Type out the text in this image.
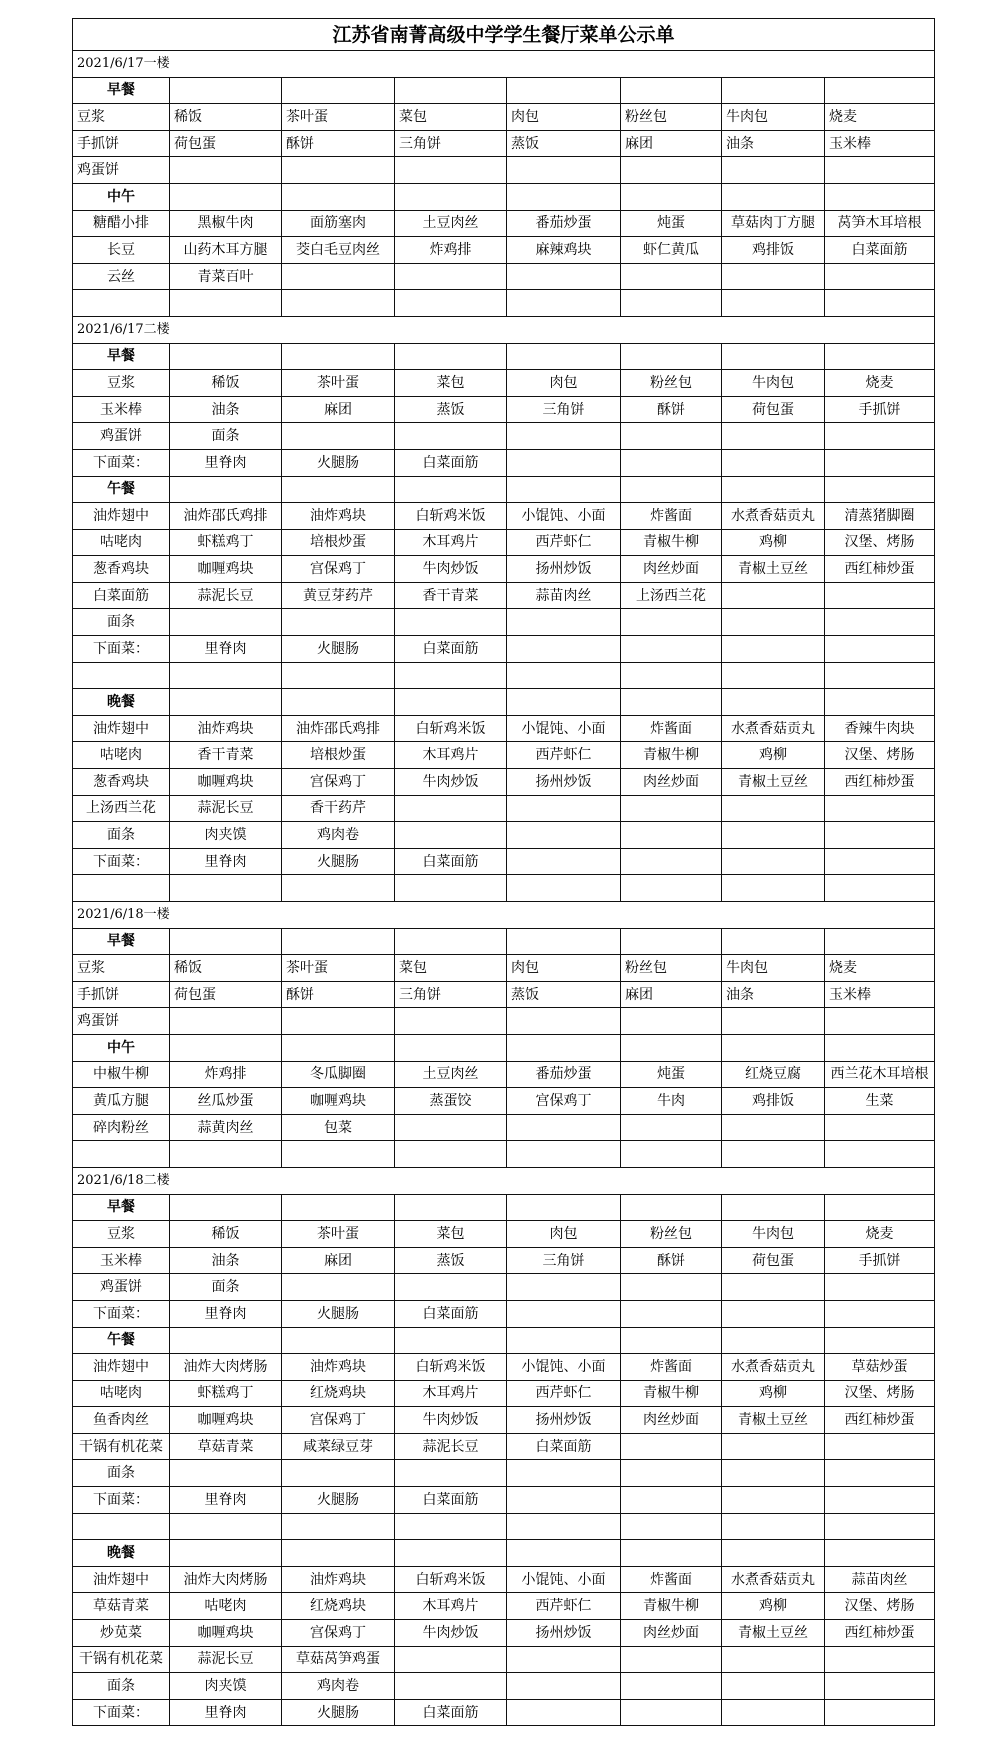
江苏省南菁高级中学学生餐厅菜单公示单							
2021/6/17一楼							
早餐							
豆浆	稀饭	茶叶蛋	菜包	肉包	粉丝包	牛肉包	烧麦
手抓饼	荷包蛋	酥饼	三角饼	蒸饭	麻团	油条	玉米棒
鸡蛋饼							
中午							
糖醋小排	黑椒牛肉	面筋塞肉	土豆肉丝	番茄炒蛋	炖蛋	草菇肉丁方腿	莴笋木耳培根
长豆	山药木耳方腿	茭白毛豆肉丝	炸鸡排	麻辣鸡块	虾仁黄瓜	鸡排饭	白菜面筋
云丝	青菜百叶						

2021/6/17二楼							
早餐							
豆浆	稀饭	茶叶蛋	菜包	肉包	粉丝包	牛肉包	烧麦
玉米棒	油条	麻团	蒸饭	三角饼	酥饼	荷包蛋	手抓饼
鸡蛋饼	面条						
下面菜：	里脊肉	火腿肠	白菜面筋				
午餐							
油炸翅中	油炸邵氏鸡排	油炸鸡块	白斩鸡米饭	小馄饨、小面	炸酱面	水煮香菇贡丸	清蒸猪脚圈
咕咾肉	虾糕鸡丁	培根炒蛋	木耳鸡片	西芹虾仁	青椒牛柳	鸡柳	汉堡、烤肠
葱香鸡块	咖喱鸡块	宫保鸡丁	牛肉炒饭	扬州炒饭	肉丝炒面	青椒土豆丝	西红柿炒蛋
白菜面筋	蒜泥长豆	黄豆芽药芹	香干青菜	蒜苗肉丝	上汤西兰花		
面条							
下面菜：	里脊肉	火腿肠	白菜面筋				

晚餐							
油炸翅中	油炸鸡块	油炸邵氏鸡排	白斩鸡米饭	小馄饨、小面	炸酱面	水煮香菇贡丸	香辣牛肉块
咕咾肉	香干青菜	培根炒蛋	木耳鸡片	西芹虾仁	青椒牛柳	鸡柳	汉堡、烤肠
葱香鸡块	咖喱鸡块	宫保鸡丁	牛肉炒饭	扬州炒饭	肉丝炒面	青椒土豆丝	西红柿炒蛋
上汤西兰花	蒜泥长豆	香干药芹					
面条	肉夹馍	鸡肉卷					
下面菜：	里脊肉	火腿肠	白菜面筋				

2021/6/18一楼							
早餐							
豆浆	稀饭	茶叶蛋	菜包	肉包	粉丝包	牛肉包	烧麦
手抓饼	荷包蛋	酥饼	三角饼	蒸饭	麻团	油条	玉米棒
鸡蛋饼							
中午							
中椒牛柳	炸鸡排	冬瓜脚圈	土豆肉丝	番茄炒蛋	炖蛋	红烧豆腐	西兰花木耳培根
黄瓜方腿	丝瓜炒蛋	咖喱鸡块	蒸蛋饺	宫保鸡丁	牛肉	鸡排饭	生菜
碎肉粉丝	蒜黄肉丝	包菜					

2021/6/18二楼							
早餐							
豆浆	稀饭	茶叶蛋	菜包	肉包	粉丝包	牛肉包	烧麦
玉米棒	油条	麻团	蒸饭	三角饼	酥饼	荷包蛋	手抓饼
鸡蛋饼	面条						
下面菜：	里脊肉	火腿肠	白菜面筋				
午餐							
油炸翅中	油炸大肉烤肠	油炸鸡块	白斩鸡米饭	小馄饨、小面	炸酱面	水煮香菇贡丸	草菇炒蛋
咕咾肉	虾糕鸡丁	红烧鸡块	木耳鸡片	西芹虾仁	青椒牛柳	鸡柳	汉堡、烤肠
鱼香肉丝	咖喱鸡块	宫保鸡丁	牛肉炒饭	扬州炒饭	肉丝炒面	青椒土豆丝	西红柿炒蛋
干锅有机花菜	草菇青菜	咸菜绿豆芽	蒜泥长豆	白菜面筋			
面条							
下面菜：	里脊肉	火腿肠	白菜面筋				

晚餐							
油炸翅中	油炸大肉烤肠	油炸鸡块	白斩鸡米饭	小馄饨、小面	炸酱面	水煮香菇贡丸	蒜苗肉丝
草菇青菜	咕咾肉	红烧鸡块	木耳鸡片	西芹虾仁	青椒牛柳	鸡柳	汉堡、烤肠
炒苋菜	咖喱鸡块	宫保鸡丁	牛肉炒饭	扬州炒饭	肉丝炒面	青椒土豆丝	西红柿炒蛋
干锅有机花菜	蒜泥长豆	草菇莴笋鸡蛋					
面条	肉夹馍	鸡肉卷					
下面菜：	里脊肉	火腿肠	白菜面筋				
